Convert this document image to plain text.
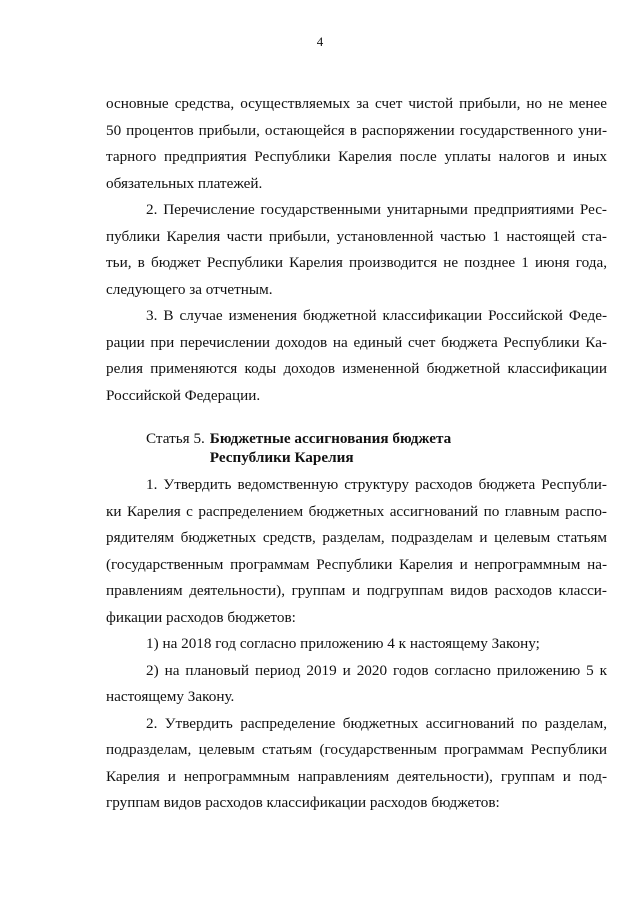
4

основные средства, осуществляемых за счет чистой прибыли, но не менее
50 процентов прибыли, остающейся в распоряжении государственного уни-
тарного предприятия Республики Карелия после уплаты налогов и иных
обязательных платежей.

2. Перечисление государственными унитарными предприятиями Рес-
публики Карелия части прибыли, установленной частью 1 настоящей ста-
тьи, в бюджет Республики Карелия производится не позднее 1 июня года,
следующего за отчетным.

3. В случае изменения бюджетной классификации Российской Феде-
рации при перечислении доходов на единый счет бюджета Республики Ка-
релия применяются коды доходов измененной бюджетной классификации
Российской Федерации.

Статья 5. Бюджетные ассигнования бюджета
Республики Карелия

1. Утвердить ведомственную структуру расходов бюджета Республи-
ки Карелия с распределением бюджетных ассигнований по главным распо-
рядителям бюджетных средств, разделам, подразделам и целевым статьям
(государственным программам Республики Карелия и непрограммным на-
правлениям деятельности), группам и подгруппам видов расходов класси-
фикации расходов бюджетов:

1) на 2018 год согласно приложению 4 к настоящему Закону;

2) на плановый период 2019 и 2020 годов согласно приложению 5 к
настоящему Закону.

2. Утвердить распределение бюджетных ассигнований по разделам,
подразделам, целевым статьям (государственным программам Республики
Карелия и непрограммным направлениям деятельности), группам и под-
группам видов расходов классификации расходов бюджетов:
